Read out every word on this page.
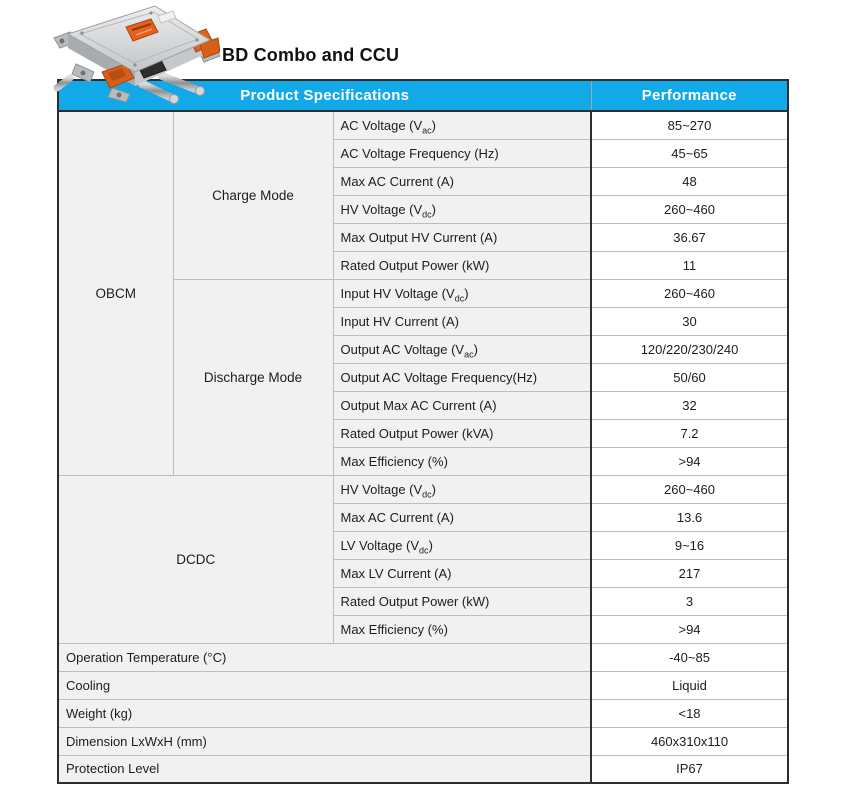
BD Combo and CCU
Product Specifications			Performance
OBCM	Charge Mode	AC Voltage $(V_{ac})$	85~270
		AC Voltage Frequency (Hz)	45~65
		Max AC Current (A)	48
		HV Voltage $(V_{dc})$	260~460
		Max Output HV Current (A)	36.67
		Rated Output Power (kW)	11
	Discharge Mode	Input HV Voltage $(V_{dc})$	260~460
		Input HV Current (A)	30
		Output AC Voltage $(V_{ac})$	120/220/230/240
		Output AC Voltage Frequency(Hz)	50/60
		Output Max AC Current (A)	32
		Rated Output Power (kVA)	7.2
		Max Efficiency (%)	>94
DCDC		HV Voltage $(V_{dc})$	260~460
		Max AC Current (A)	13.6
		LV Voltage $(V_{dc})$	9~16
		Max LV Current (A)	217
		Rated Output Power (kW)	3
		Max Efficiency (%)	>94
Operation Temperature (°C)			-40~85
Cooling			Liquid
Weight (kg)			<18
Dimension LxWxH (mm)			460x310x110
Protection Level			IP67
